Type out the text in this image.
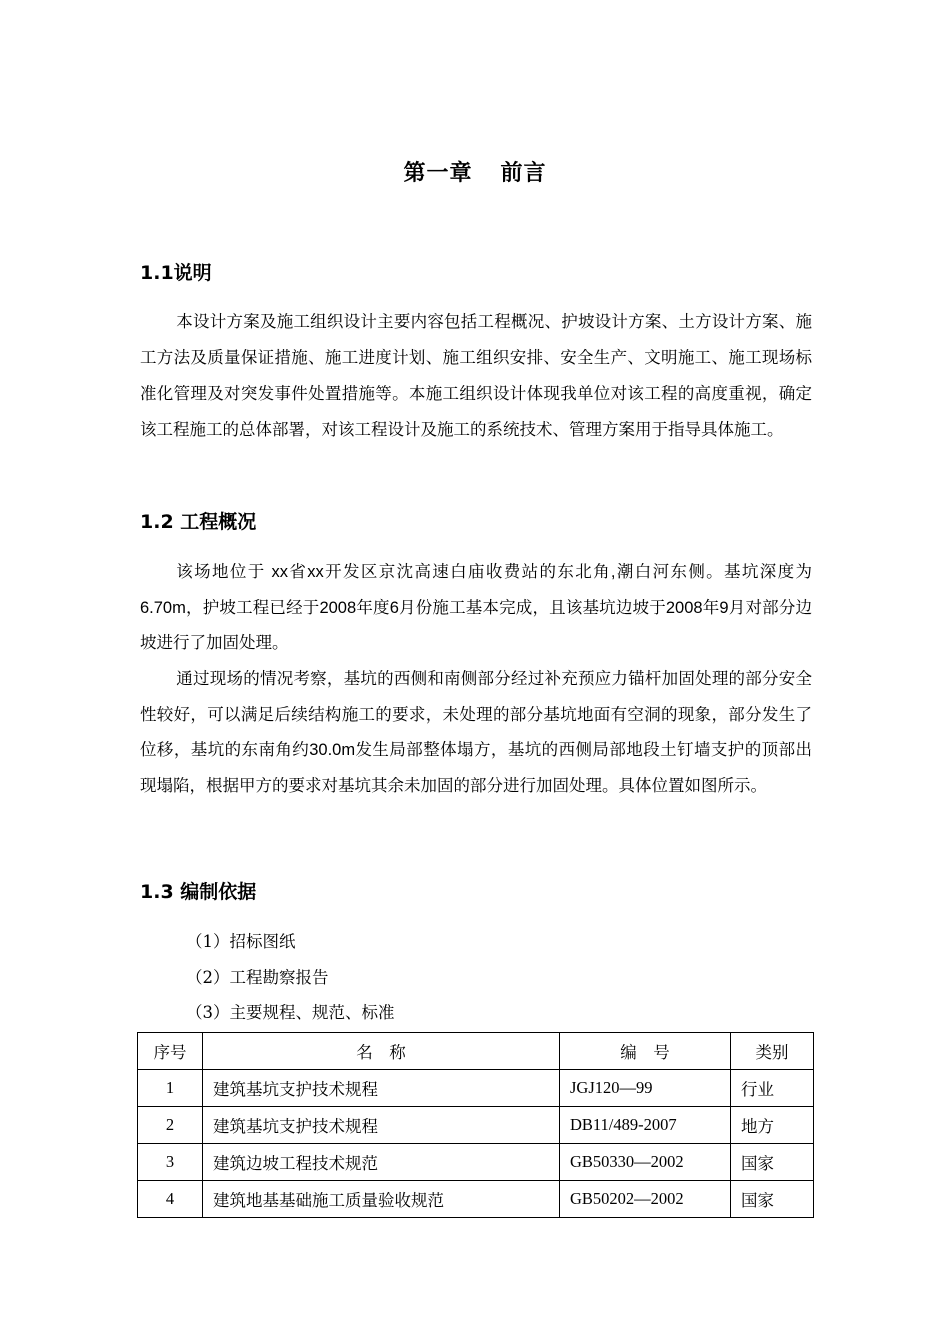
第一章 前言
1.1说明
本设计方案及施工组织设计主要内容包括工程概况、护坡设计方案、土方设计方案、施工方法及质量保证措施、施工进度计划、施工组织安排、安全生产、文明施工、施工现场标准化管理及对突发事件处置措施等。本施工组织设计体现我单位对该工程的高度重视，确定该工程施工的总体部署，对该工程设计及施工的系统技术、管理方案用于指导具体施工。
1.2 工程概况
该场地位于 xx省xx开发区京沈高速白庙收费站的东北角,潮白河东侧。基坑深度为6.70m，护坡工程已经于2008年度6月份施工基本完成，且该基坑边坡于2008年9月对部分边坡进行了加固处理。
通过现场的情况考察，基坑的西侧和南侧部分经过补充预应力锚杆加固处理的部分安全性较好，可以满足后续结构施工的要求，未处理的部分基坑地面有空洞的现象，部分发生了位移，基坑的东南角约30.0m发生局部整体塌方，基坑的西侧局部地段土钉墙支护的顶部出现塌陷，根据甲方的要求对基坑其余未加固的部分进行加固处理。具体位置如图所示。
1.3 编制依据
（1）招标图纸
（2）工程勘察报告
（3）主要规程、规范、标准
序号	名    称	编    号	类别
1	建筑基坑支护技术规程	JGJ120—99	行业
2	建筑基坑支护技术规程	DB11/489-2007	地方
3	建筑边坡工程技术规范	GB50330—2002	国家
4	建筑地基基础施工质量验收规范	GB50202—2002	国家
